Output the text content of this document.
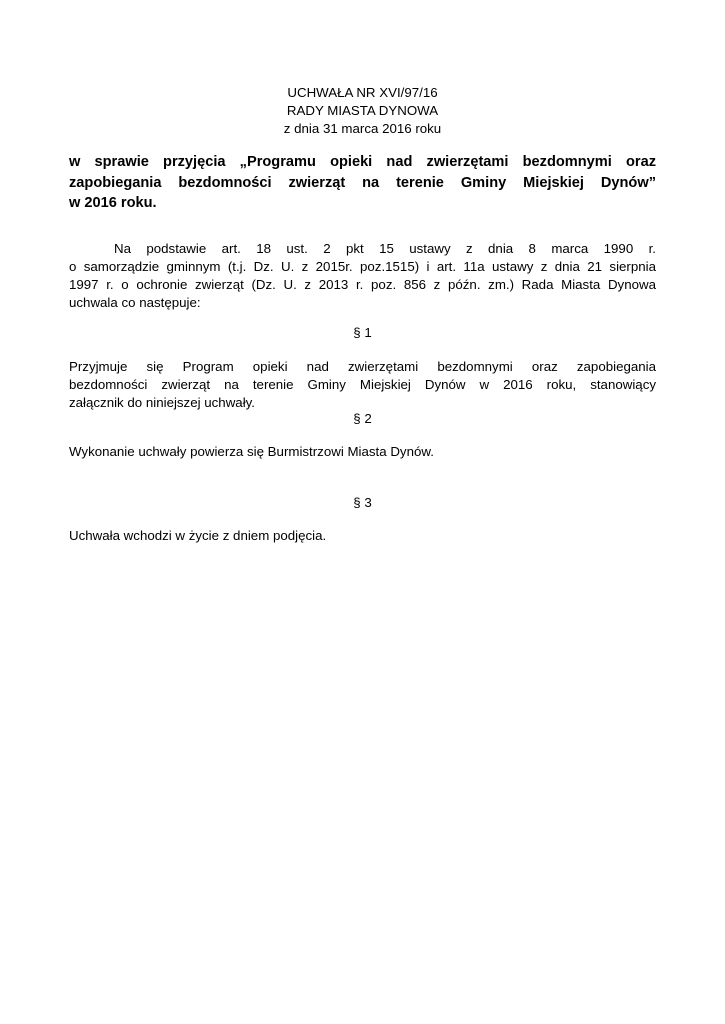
UCHWAŁA NR XVI/97/16
RADY MIASTA DYNOWA
z dnia 31 marca 2016 roku
w sprawie przyjęcia „Programu opieki nad zwierzętami bezdomnymi oraz
zapobiegania bezdomności zwierząt na terenie Gminy Miejskiej Dynów”
w 2016 roku.
Na podstawie art. 18 ust. 2 pkt 15 ustawy z dnia 8 marca 1990 r.
o samorządzie gminnym (t.j. Dz. U. z 2015r. poz.1515) i art. 11a ustawy z dnia 21 sierpnia
1997 r. o ochronie zwierząt (Dz. U. z 2013 r. poz. 856 z późn. zm.) Rada Miasta Dynowa
uchwala co następuje:
§ 1
Przyjmuje się Program opieki nad zwierzętami bezdomnymi oraz zapobiegania
bezdomności zwierząt na terenie Gminy Miejskiej Dynów w 2016 roku, stanowiący
załącznik do niniejszej uchwały.
§ 2
Wykonanie uchwały powierza się Burmistrzowi Miasta Dynów.
§ 3
Uchwała wchodzi w życie z dniem podjęcia.
